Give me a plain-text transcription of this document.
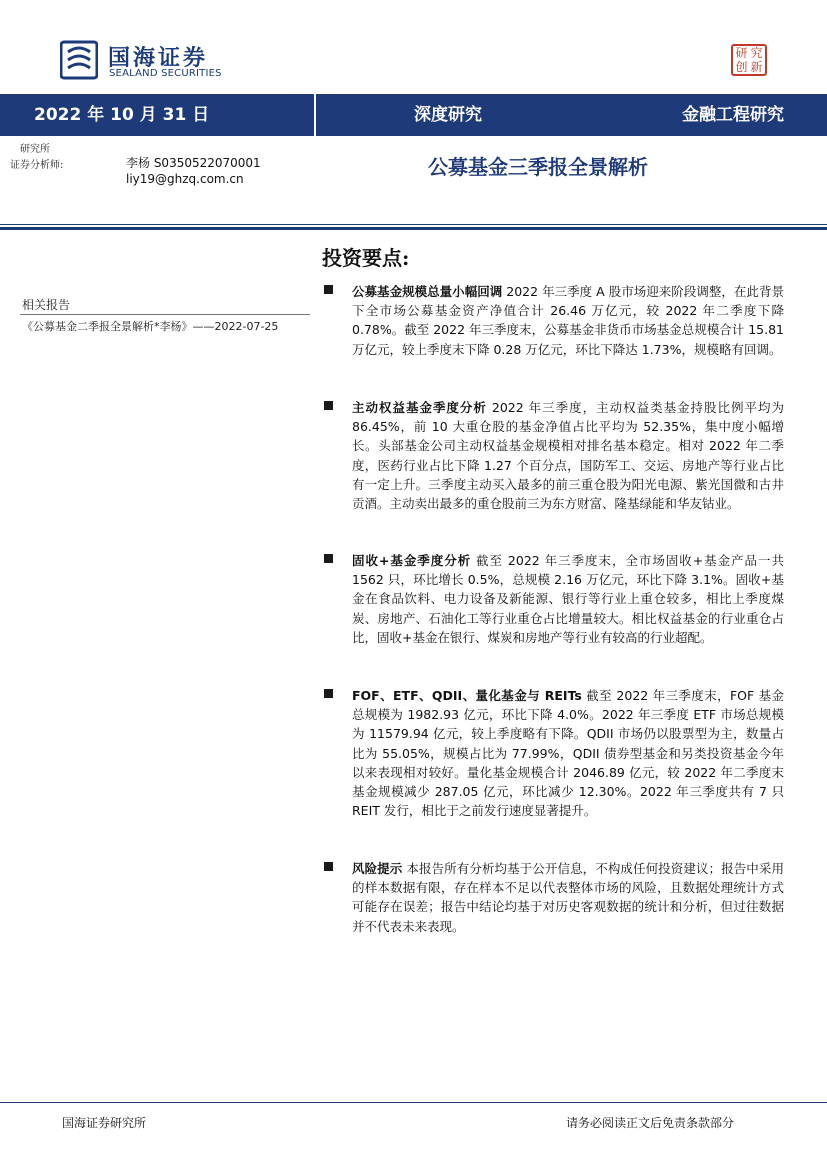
国海证券
SEALAND SECURITIES
研 究
创 新
2022 年 10 月 31 日	深度研究	金融工程研究
研究所
证券分析师:	李杨 S0350522070001
liy19@ghzq.com.cn	公募基金三季报全景解析
相关报告
《公募基金二季报全景解析*李杨》——2022-07-25
投资要点:

公募基金规模总量小幅回调 2022 年三季度 A 股市场迎来阶段调整，在此背景下全市场公募基金资产净值合计 26.46 万亿元，较 2022 年二季度下降 0.78%。截至 2022 年三季度末，公募基金非货币市场基金总规模合计 15.81 万亿元，较上季度末下降 0.28 万亿元，环比下降达 1.73%，规模略有回调。

主动权益基金季度分析 2022 年三季度，主动权益类基金持股比例平均为 86.45%，前 10 大重仓股的基金净值占比平均为 52.35%，集中度小幅增长。头部基金公司主动权益基金规模相对排名基本稳定。相对 2022 年二季度，医药行业占比下降 1.27 个百分点，国防军工、交运、房地产等行业占比有一定上升。三季度主动买入最多的前三重仓股为阳光电源、紫光国微和古井贡酒。主动卖出最多的重仓股前三为东方财富、隆基绿能和华友钴业。

固收+基金季度分析 截至 2022 年三季度末，全市场固收+基金产品一共 1562 只，环比增长 0.5%，总规模 2.16 万亿元，环比下降 3.1%。固收+基金在食品饮料、电力设备及新能源、银行等行业上重仓较多，相比上季度煤炭、房地产、石油化工等行业重仓占比增量较大。相比权益基金的行业重仓占比，固收+基金在银行、煤炭和房地产等行业有较高的行业超配。

FOF、ETF、QDII、量化基金与 REITs 截至 2022 年三季度末，FOF 基金总规模为 1982.93 亿元，环比下降 4.0%。2022 年三季度 ETF 市场总规模为 11579.94 亿元，较上季度略有下降。QDII 市场仍以股票型为主，数量占比为 55.05%，规模占比为 77.99%，QDII 债券型基金和另类投资基金今年以来表现相对较好。量化基金规模合计 2046.89 亿元，较 2022 年二季度末基金规模减少 287.05 亿元，环比减少 12.30%。2022 年三季度共有 7 只 REIT 发行，相比于之前发行速度显著提升。

风险提示 本报告所有分析均基于公开信息，不构成任何投资建议；报告中采用的样本数据有限，存在样本不足以代表整体市场的风险，且数据处理统计方式可能存在误差；报告中结论均基于对历史客观数据的统计和分析，但过往数据并不代表未来表现。

国海证券研究所	请务必阅读正文后免责条款部分
